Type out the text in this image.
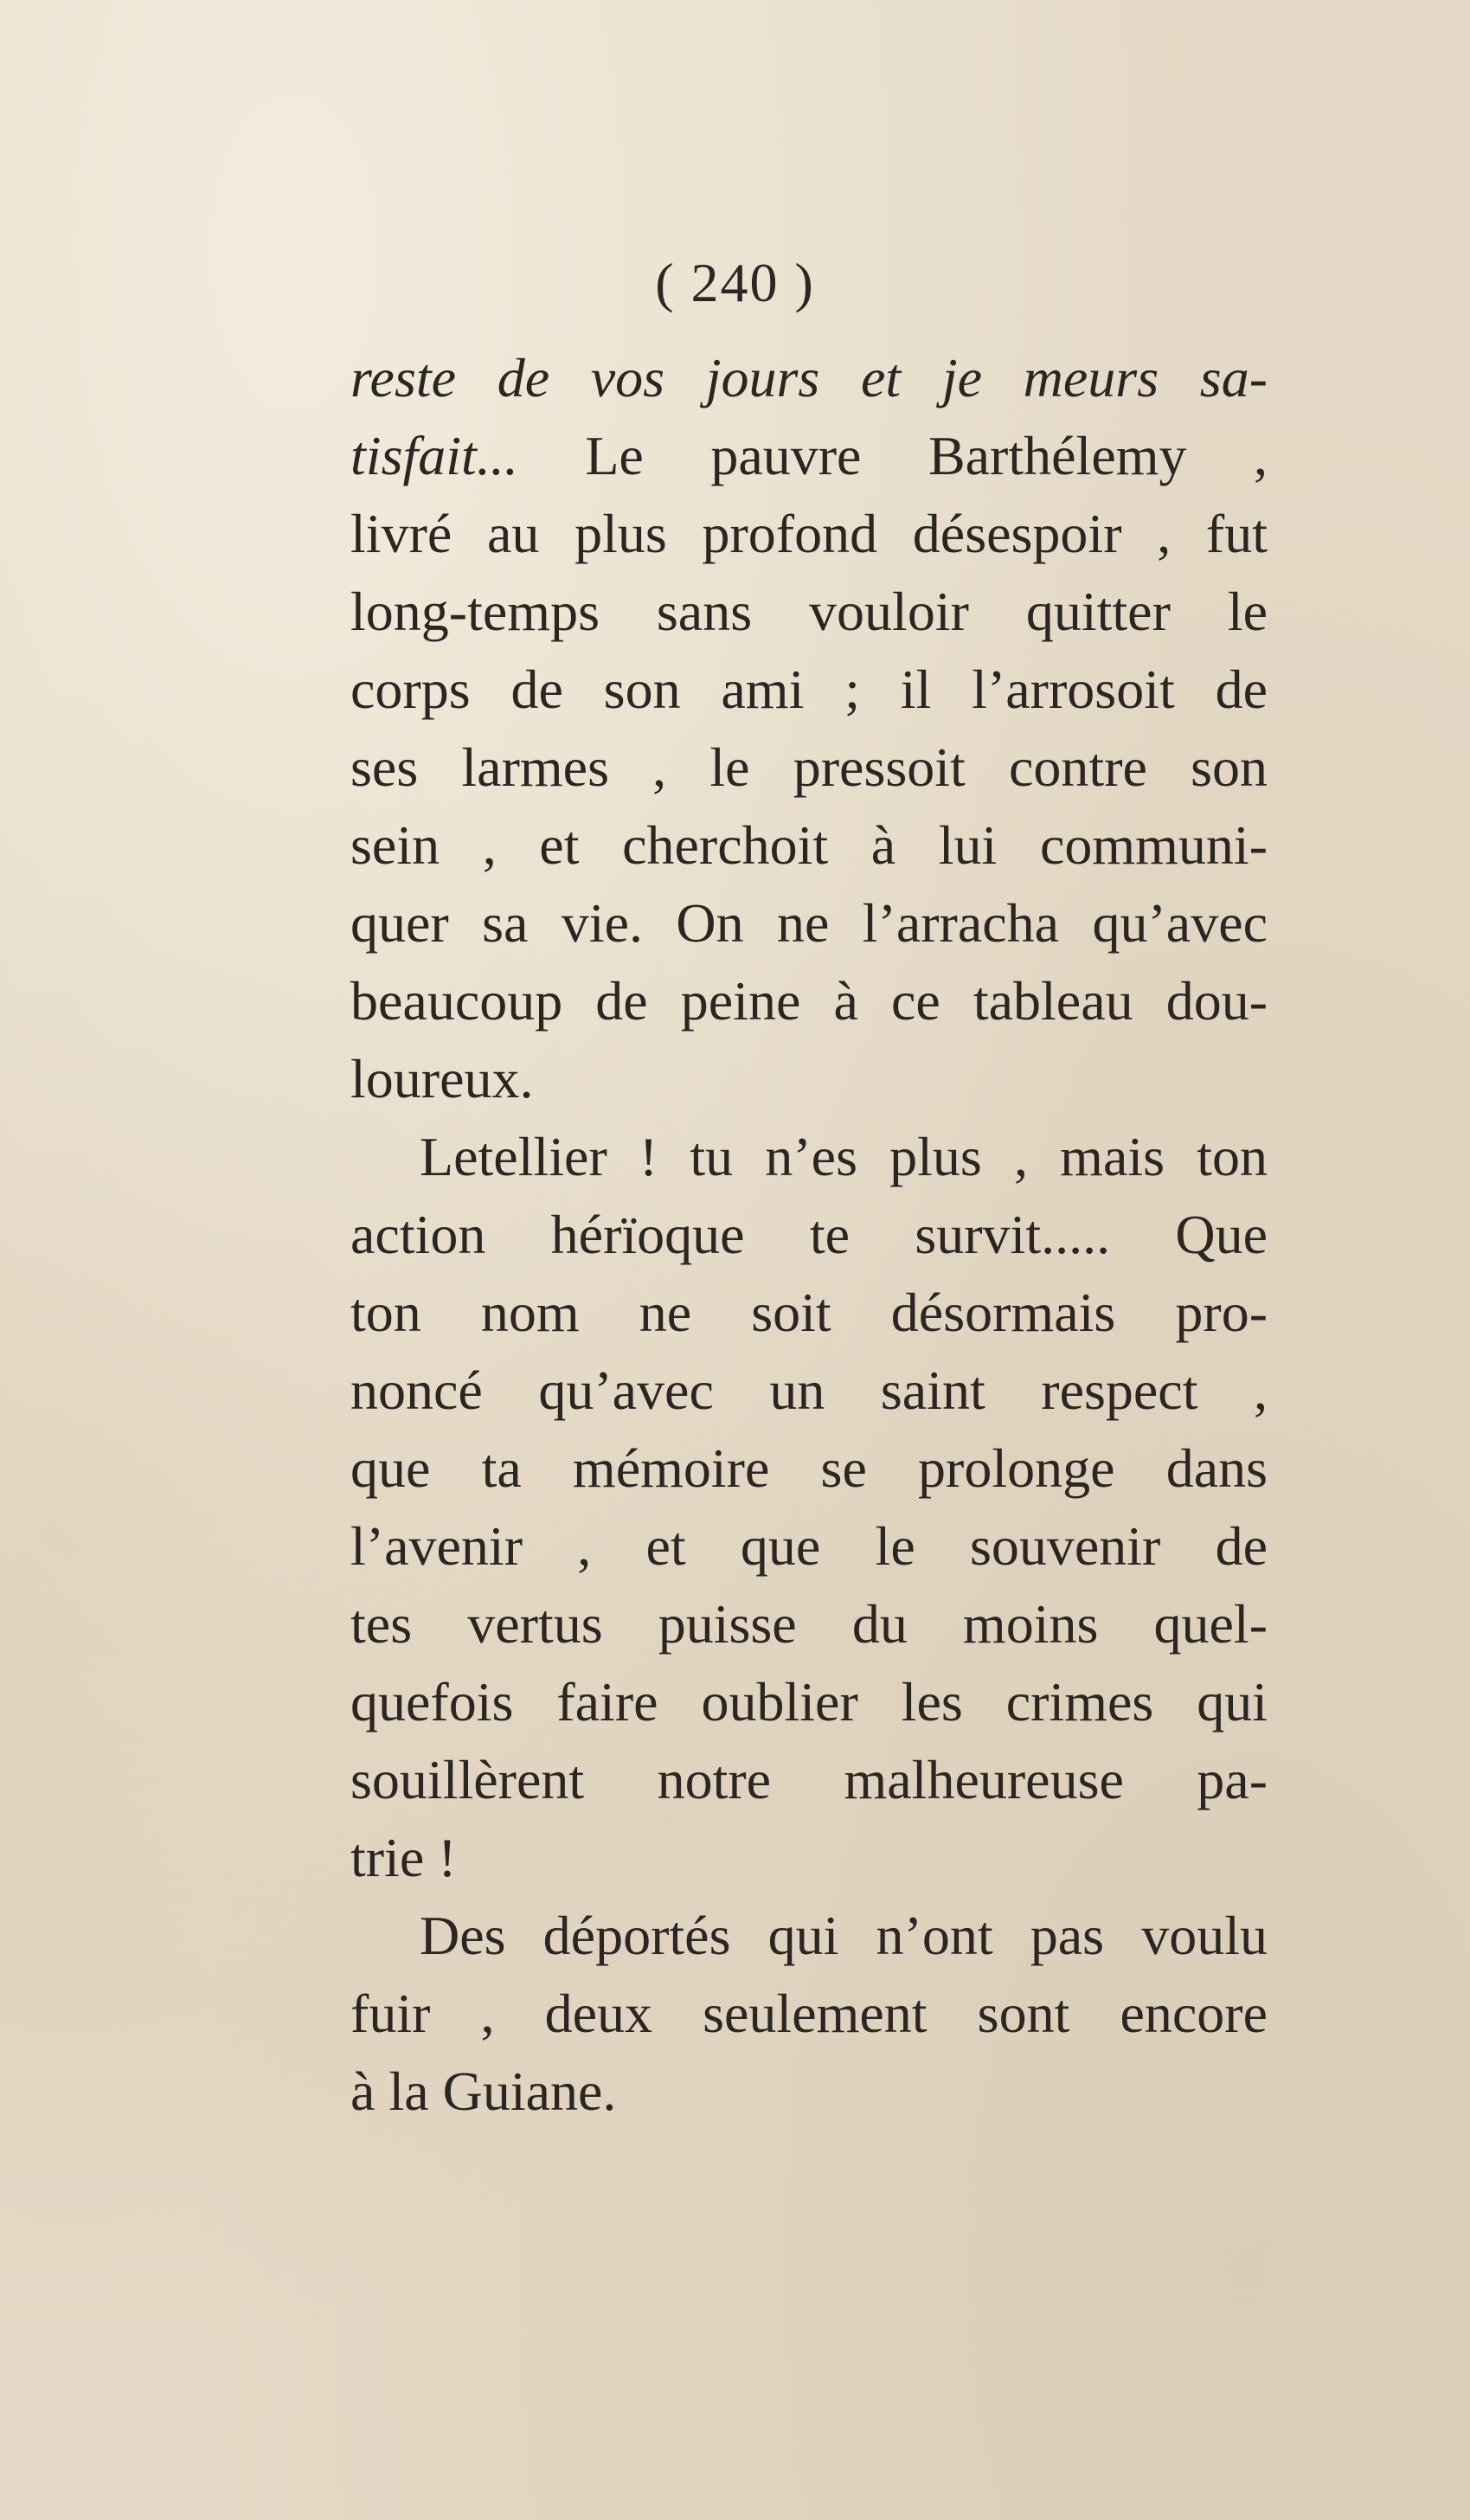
( 240 )
reste de vos jours et je meurs sa-
tisfait... Le pauvre Barthélemy ,
livré au plus profond désespoir , fut
long-temps sans vouloir quitter le
corps de son ami ; il l’arrosoit de
ses larmes , le pressoit contre son
sein , et cherchoit à lui communi-
quer sa vie. On ne l’arracha qu’avec
beaucoup de peine à ce tableau dou-
loureux.
Letellier ! tu n’es plus , mais ton
action hérïoque te survit..... Que
ton nom ne soit désormais pro-
noncé qu’avec un saint respect ,
que ta mémoire se prolonge dans
l’avenir , et que le souvenir de
tes vertus puisse du moins quel-
quefois faire oublier les crimes qui
souillèrent notre malheureuse pa-
trie !
Des déportés qui n’ont pas voulu
fuir , deux seulement sont encore
à la Guiane.
